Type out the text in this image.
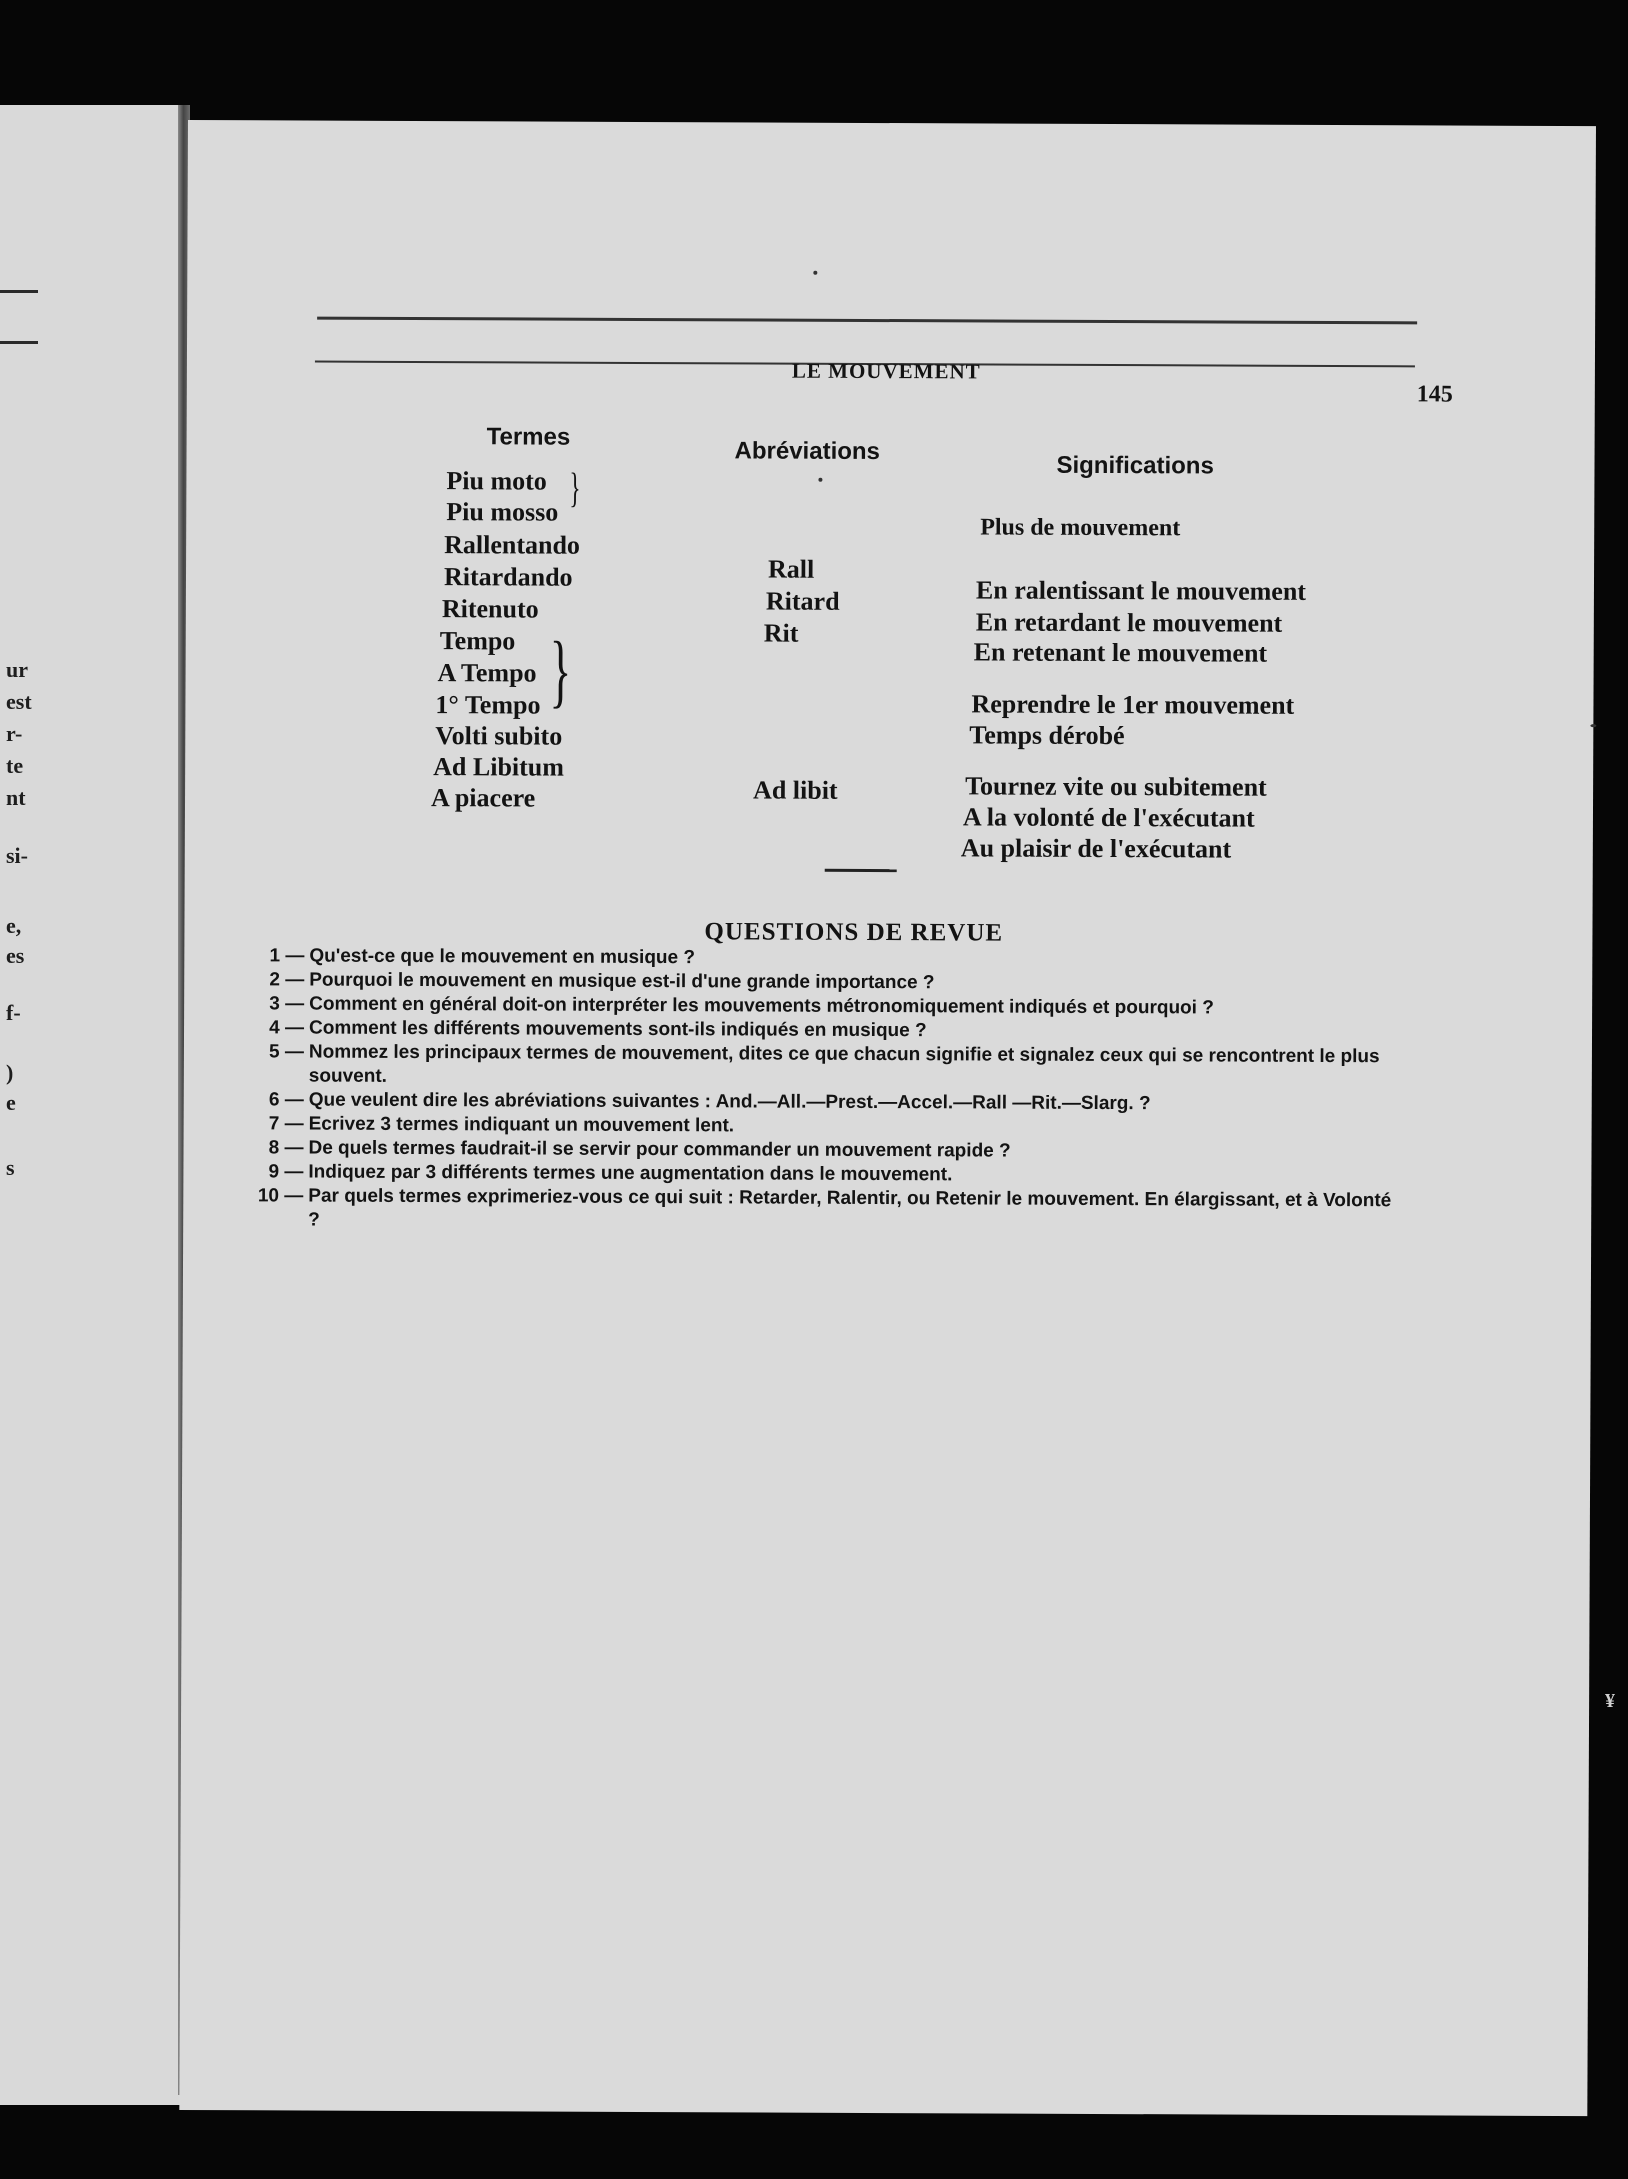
ur
est
r-
te
nt
si-
e,
es
f-
)
e
s
LE MOUVEMENT
145
Termes
Abréviations
Significations
Piu moto
Piu mosso
}
Rallentando
Ritardando
Ritenuto
Tempo
A Tempo
1° Tempo }
Volti subito
Ad Libitum
A piacere
Rall
Ritard
Rit
Ad libit
Plus de mouvement
En ralentissant le mouvement
En retardant le mouvement
En retenant le mouvement
Reprendre le 1er mouvement
Temps dérobé
Tournez vite ou subitement
A la volonté de l'exécutant
Au plaisir de l'exécutant
QUESTIONS DE REVUE
1 — Qu'est-ce que le mouvement en musique ?
2 — Pourquoi le mouvement en musique est-il d'une grande importance ?
3 — Comment en général doit-on interpréter les mouvements métronomiquement indiqués et pourquoi ?
4 — Comment les différents mouvements sont-ils indiqués en musique ?
5 — Nommez les principaux termes de mouvement, dites ce que chacun signifie et signalez ceux qui se rencontrent le plus souvent.
6 — Que veulent dire les abréviations suivantes : And.—All.—Prest.—Accel.—Rall —Rit.—Slarg. ?
7 — Ecrivez 3 termes indiquant un mouvement lent.
8 — De quels termes faudrait-il se servir pour commander un mouvement rapide ?
9 — Indiquez par 3 différents termes une augmentation dans le mouvement.
10 — Par quels termes exprimeriez-vous ce qui suit : Retarder, Ralentir, ou Retenir le mouvement. En élargissant, et à Volonté ?
¥
